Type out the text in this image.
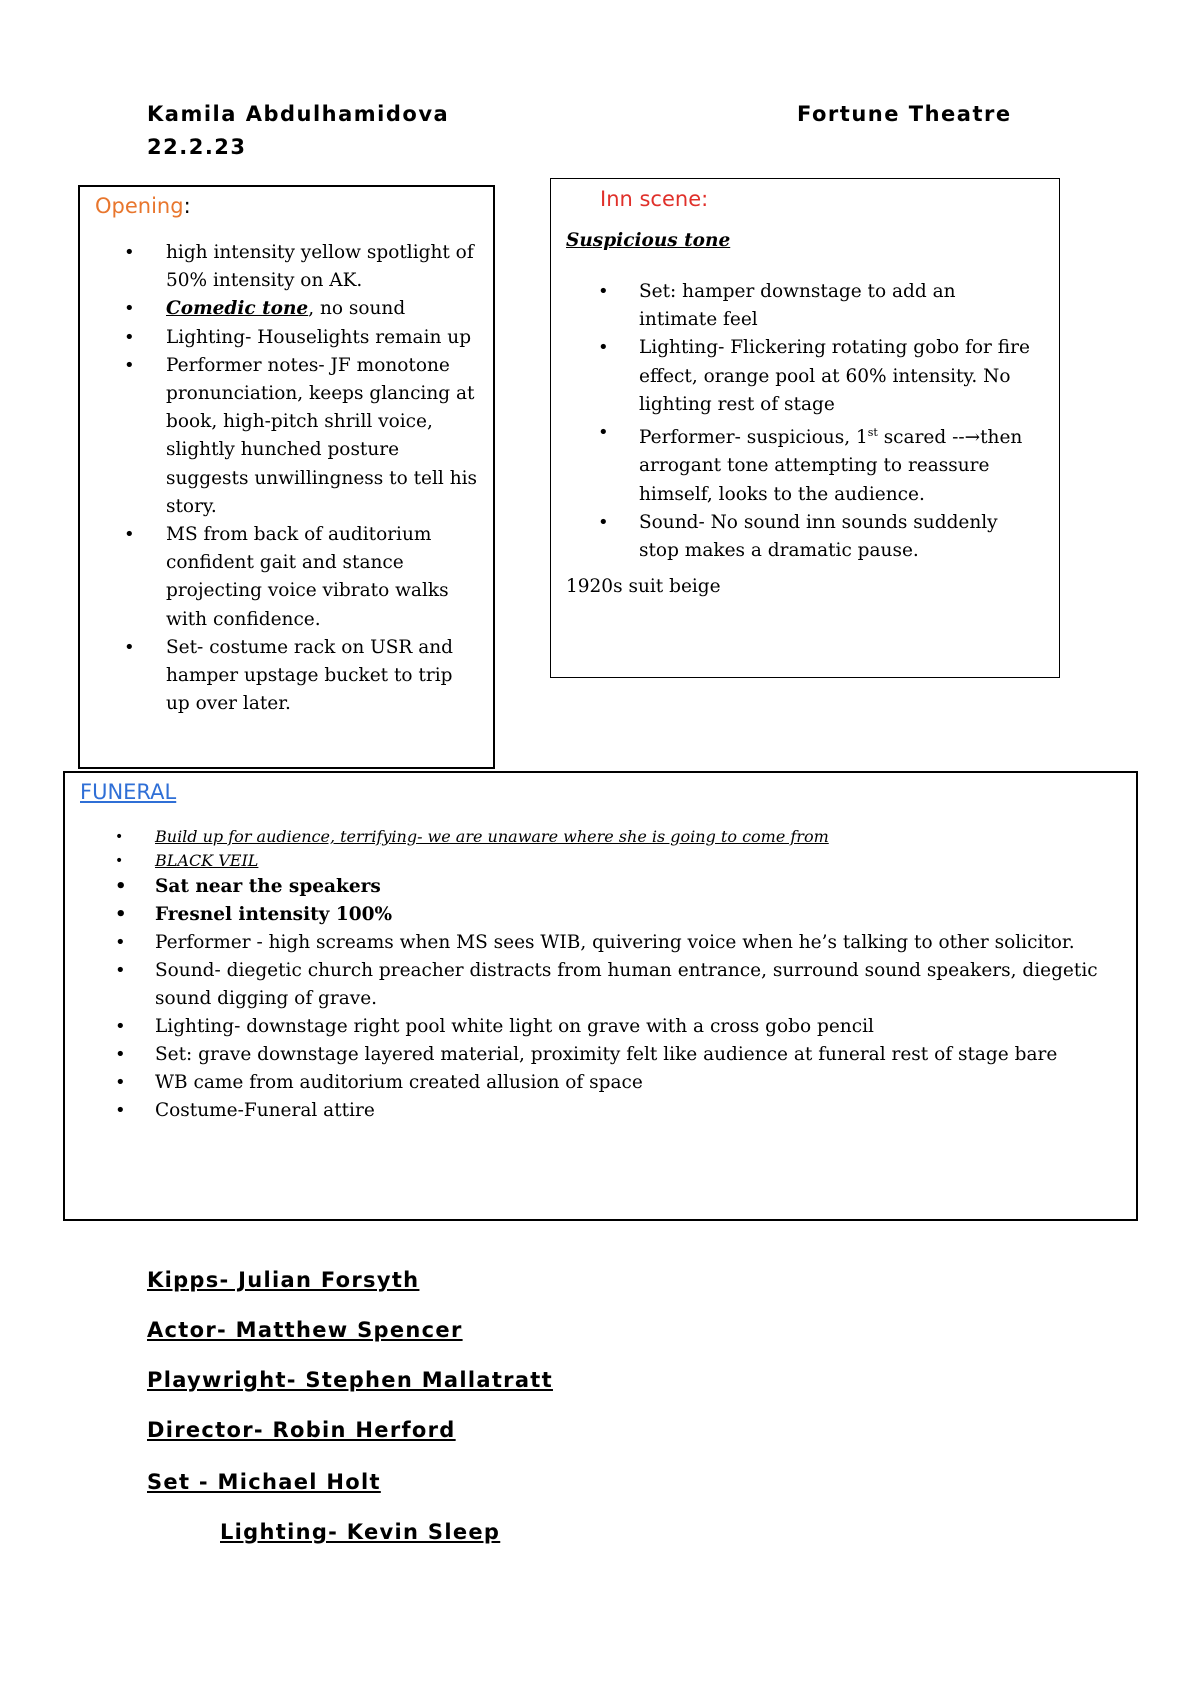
Kamila Abdulhamidova	Fortune Theatre
22.2.23
Opening:
• high intensity yellow spotlight of 50% intensity on AK.
• Comedic tone, no sound
• Lighting- Houselights remain up
• Performer notes- JF monotone pronunciation, keeps glancing at book, high-pitch shrill voice, slightly hunched posture suggests unwillingness to tell his story.
• MS from back of auditorium confident gait and stance projecting voice vibrato walks with confidence.
• Set- costume rack on USR and hamper upstage bucket to trip up over later.
Inn scene:
Suspicious tone
• Set: hamper downstage to add an intimate feel
• Lighting- Flickering rotating gobo for fire effect, orange pool at 60% intensity. No lighting rest of stage
• Performer- suspicious, 1st scared --→then arrogant tone attempting to reassure himself, looks to the audience.
• Sound- No sound inn sounds suddenly stop makes a dramatic pause.
1920s suit beige
FUNERAL
• Build up for audience, terrifying- we are unaware where she is going to come from
• BLACK VEIL
• Sat near the speakers
• Fresnel intensity 100%
• Performer - high screams when MS sees WIB, quivering voice when he’s talking to other solicitor.
• Sound- diegetic church preacher distracts from human entrance, surround sound speakers, diegetic sound digging of grave.
• Lighting- downstage right pool white light on grave with a cross gobo pencil
• Set: grave downstage layered material, proximity felt like audience at funeral rest of stage bare
• WB came from auditorium created allusion of space
• Costume-Funeral attire
Kipps- Julian Forsyth
Actor- Matthew Spencer
Playwright- Stephen Mallatratt
Director- Robin Herford
Set - Michael Holt
Lighting- Kevin Sleep
